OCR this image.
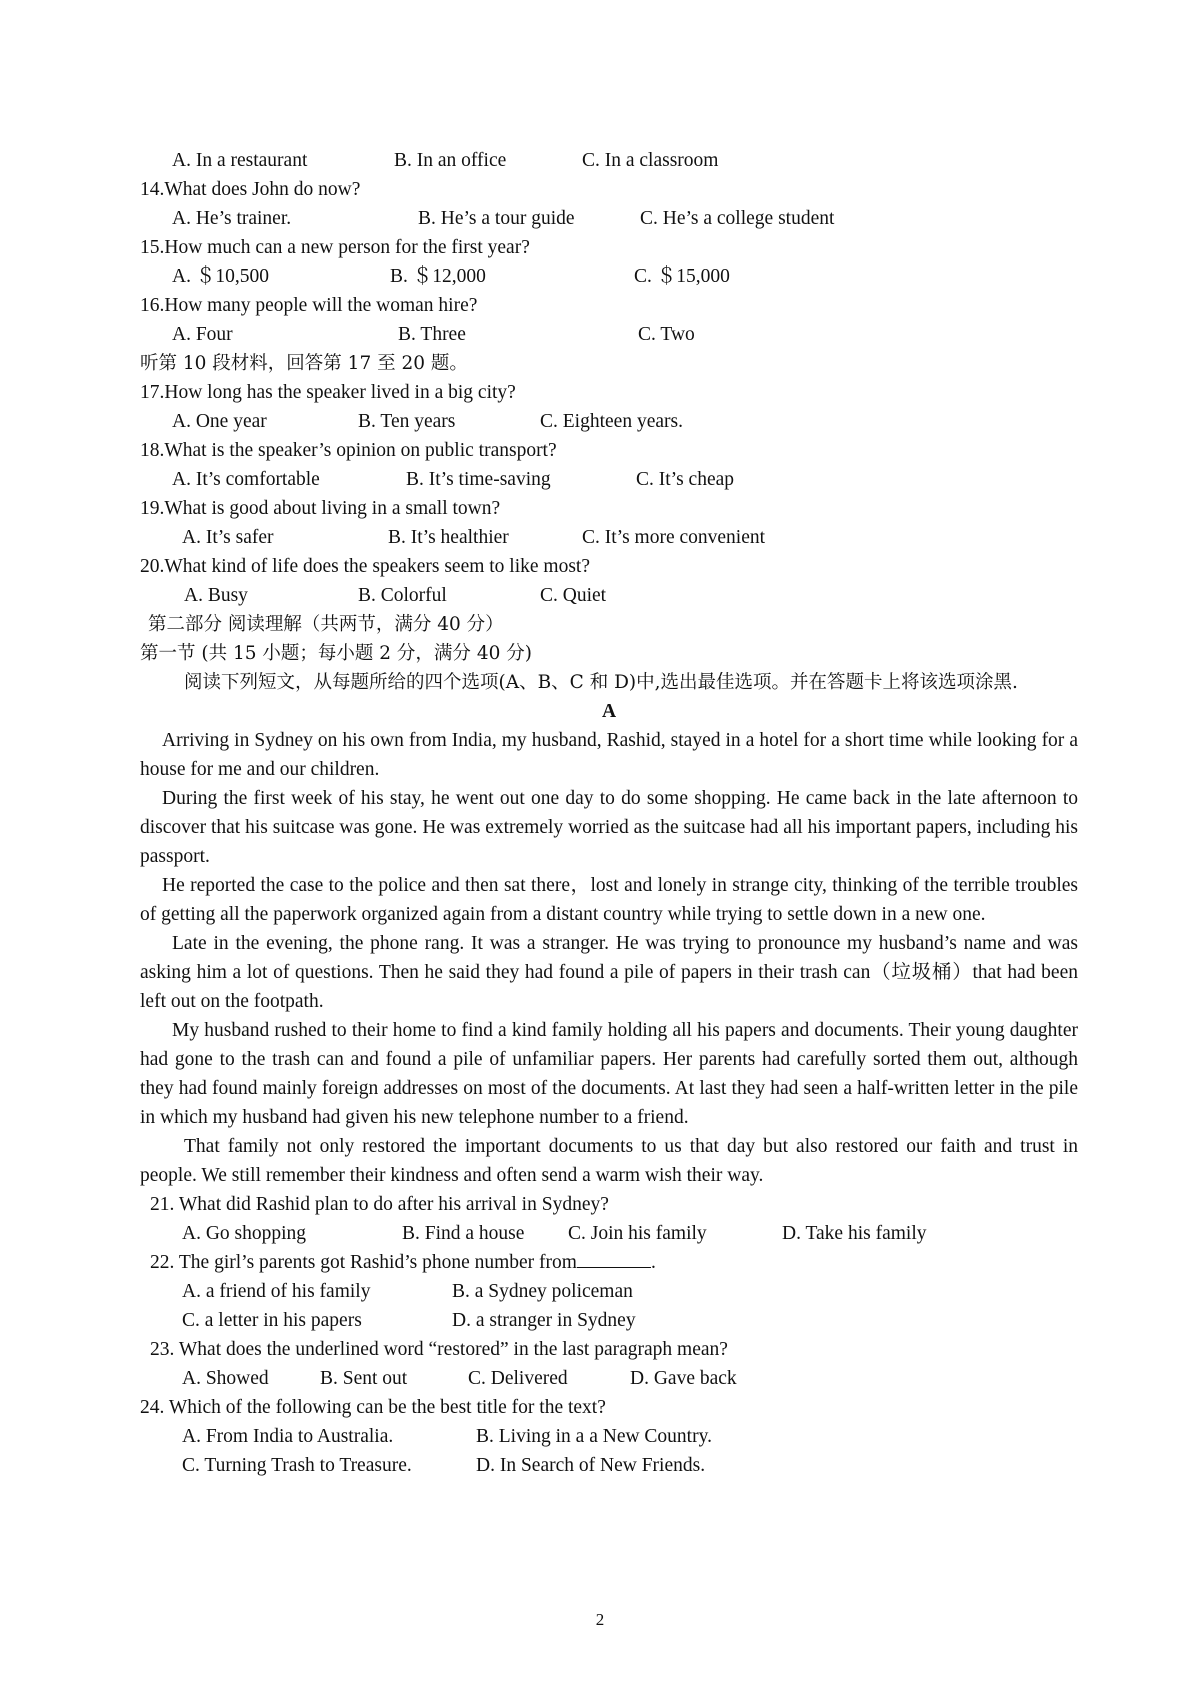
A. In a restaurant	B. In an office	C. In a classroom
14.What does John do now?
A. He’s trainer.	B. He’s a tour guide	C. He’s a college student
15.How much can a new person for the first year?
A. ＄10,500	B. ＄12,000	C. ＄15,000
16.How many people will the woman hire?
A. Four	B. Three	C. Two
听第 10 段材料，回答第 17 至 20 题。
17.How long has the speaker lived in a big city?
A. One year	B. Ten years	C. Eighteen years.
18.What is the speaker’s opinion on public transport?
A. It’s comfortable	B. It’s time-saving	C. It’s cheap
19.What is good about living in a small town?
A. It’s safer	B. It’s healthier	C. It’s more convenient
20.What kind of life does the speakers seem to like most?
A. Busy	B. Colorful	C. Quiet
第二部分 阅读理解（共两节，满分 40 分）
第一节 (共 15 小题；每小题 2 分，满分 40 分)

阅读下列短文，从每题所给的四个选项(A、B、C 和 D)中,选出最佳选项。并在答题卡上将该选项涂黑.

A

Arriving in Sydney on his own from India, my husband, Rashid, stayed in a hotel for a short time while looking for a house for me and our children.

During the first week of his stay, he went out one day to do some shopping. He came back in the late afternoon to discover that his suitcase was gone. He was extremely worried as the suitcase had all his important papers, including his passport.

He reported the case to the police and then sat there，lost and lonely in strange city, thinking of the terrible troubles of getting all the paperwork organized again from a distant country while trying to settle down in a new one.

Late in the evening, the phone rang. It was a stranger. He was trying to pronounce my husband’s name and was asking him a lot of questions. Then he said they had found a pile of papers in their trash can（垃圾桶）that had been left out on the footpath.

My husband rushed to their home to find a kind family holding all his papers and documents. Their young daughter had gone to the trash can and found a pile of unfamiliar papers. Her parents had carefully sorted them out, although they had found mainly foreign addresses on most of the documents. At last they had seen a half-written letter in the pile in which my husband had given his new telephone number to a friend.

That family not only restored the important documents to us that day but also restored our faith and trust in people. We still remember their kindness and often send a warm wish their way.

21. What did Rashid plan to do after his arrival in Sydney?
A. Go shopping	B. Find a house C. Join his family	D. Take his family
22. The girl’s parents got Rashid’s phone number from	.
A. a friend of his family	B. a Sydney policeman
C. a letter in his papers	D. a stranger in Sydney
23. What does the underlined word “restored” in the last paragraph mean?
A. Showed	B. Sent out	C. Delivered	D. Gave back
24. Which of the following can be the best title for the text?
A. From India to Australia.	B. Living in a a New Country.
C. Turning Trash to Treasure.	D. In Search of New Friends.
2
